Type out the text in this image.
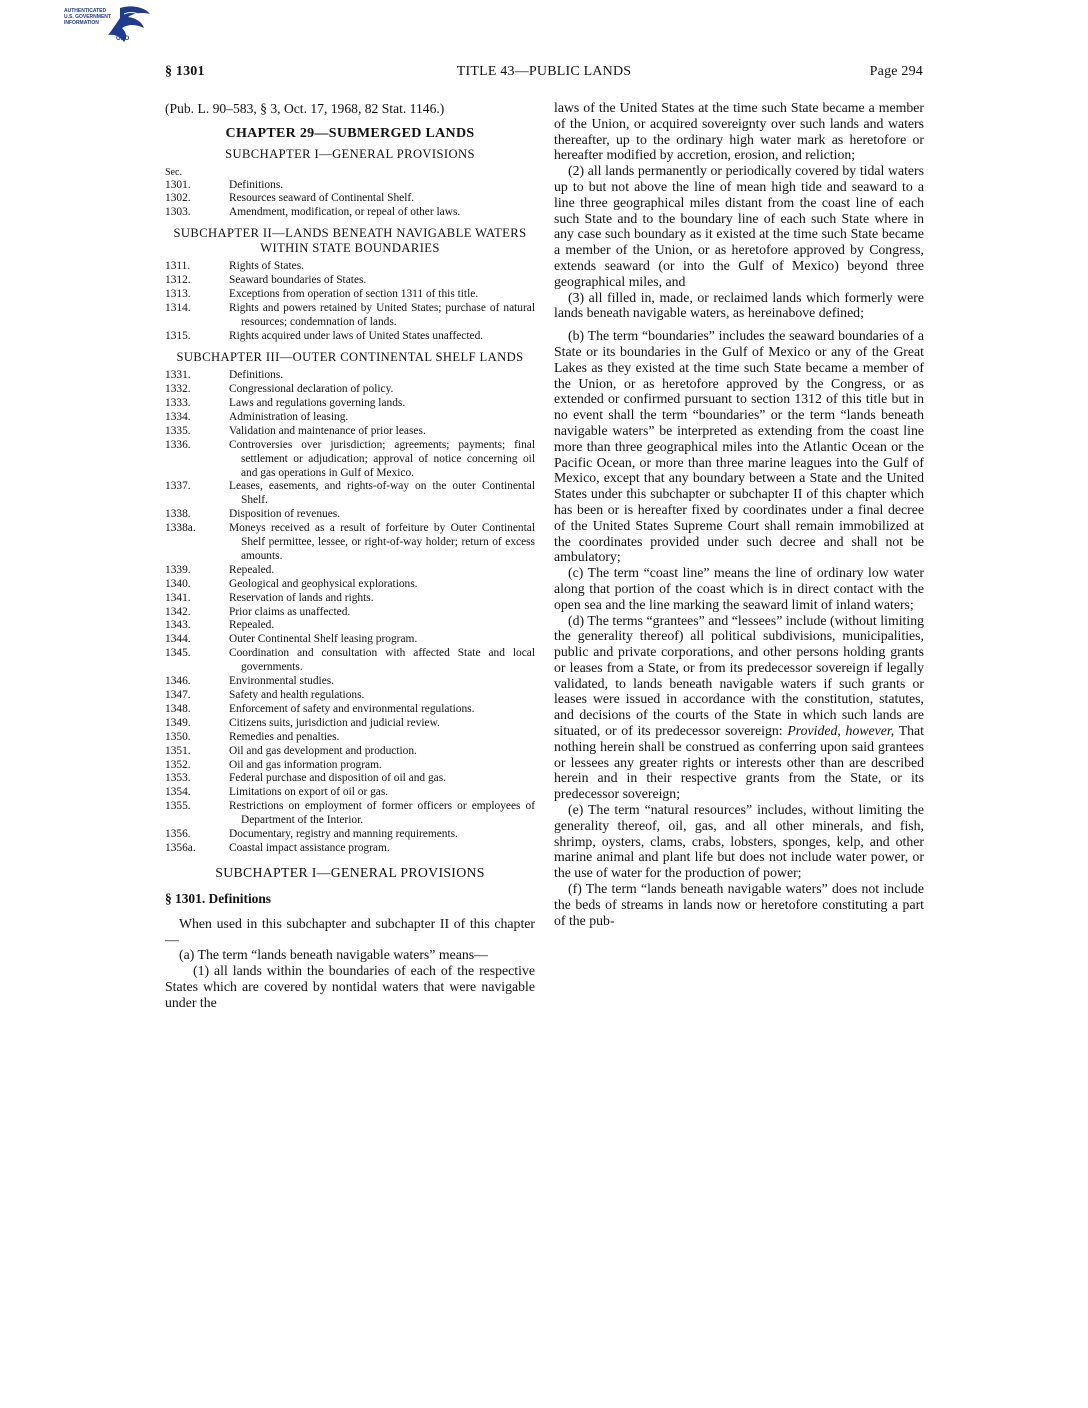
AUTHENTICATED
U.S. GOVERNMENT
INFORMATION
GPO
§ 1301	TITLE 43—PUBLIC LANDS	Page 294

(Pub. L. 90–583, § 3, Oct. 17, 1968, 82 Stat. 1146.)

CHAPTER 29—SUBMERGED LANDS
SUBCHAPTER I—GENERAL PROVISIONS
Sec.
1301.	Definitions.
1302.	Resources seaward of Continental Shelf.
1303.	Amendment, modification, or repeal of other laws.
SUBCHAPTER II—LANDS BENEATH NAVIGABLE WATERS WITHIN STATE BOUNDARIES
1311.	Rights of States.
1312.	Seaward boundaries of States.
1313.	Exceptions from operation of section 1311 of this title.
1314.	Rights and powers retained by United States; purchase of natural resources; condemnation of lands.
1315.	Rights acquired under laws of United States unaffected.
SUBCHAPTER III—OUTER CONTINENTAL SHELF LANDS
1331.	Definitions.
1332.	Congressional declaration of policy.
1333.	Laws and regulations governing lands.
1334.	Administration of leasing.
1335.	Validation and maintenance of prior leases.
1336.	Controversies over jurisdiction; agreements; payments; final settlement or adjudication; approval of notice concerning oil and gas operations in Gulf of Mexico.
1337.	Leases, easements, and rights-of-way on the outer Continental Shelf.
1338.	Disposition of revenues.
1338a.	Moneys received as a result of forfeiture by Outer Continental Shelf permittee, lessee, or right-of-way holder; return of excess amounts.
1339.	Repealed.
1340.	Geological and geophysical explorations.
1341.	Reservation of lands and rights.
1342.	Prior claims as unaffected.
1343.	Repealed.
1344.	Outer Continental Shelf leasing program.
1345.	Coordination and consultation with affected State and local governments.
1346.	Environmental studies.
1347.	Safety and health regulations.
1348.	Enforcement of safety and environmental regulations.
1349.	Citizens suits, jurisdiction and judicial review.
1350.	Remedies and penalties.
1351.	Oil and gas development and production.
1352.	Oil and gas information program.
1353.	Federal purchase and disposition of oil and gas.
1354.	Limitations on export of oil or gas.
1355.	Restrictions on employment of former officers or employees of Department of the Interior.
1356.	Documentary, registry and manning requirements.
1356a.	Coastal impact assistance program.
SUBCHAPTER I—GENERAL PROVISIONS
§ 1301. Definitions

When used in this subchapter and subchapter II of this chapter—

(a) The term “lands beneath navigable waters” means—

(1) all lands within the boundaries of each of the respective States which are covered by nontidal waters that were navigable under the

laws of the United States at the time such State became a member of the Union, or acquired sovereignty over such lands and waters thereafter, up to the ordinary high water mark as heretofore or hereafter modified by accretion, erosion, and reliction;

(2) all lands permanently or periodically covered by tidal waters up to but not above the line of mean high tide and seaward to a line three geographical miles distant from the coast line of each such State and to the boundary line of each such State where in any case such boundary as it existed at the time such State became a member of the Union, or as heretofore approved by Congress, extends seaward (or into the Gulf of Mexico) beyond three geographical miles, and

(3) all filled in, made, or reclaimed lands which formerly were lands beneath navigable waters, as hereinabove defined;

(b) The term “boundaries” includes the seaward boundaries of a State or its boundaries in the Gulf of Mexico or any of the Great Lakes as they existed at the time such State became a member of the Union, or as heretofore approved by the Congress, or as extended or confirmed pursuant to section 1312 of this title but in no event shall the term “boundaries” or the term “lands beneath navigable waters” be interpreted as extending from the coast line more than three geographical miles into the Atlantic Ocean or the Pacific Ocean, or more than three marine leagues into the Gulf of Mexico, except that any boundary between a State and the United States under this subchapter or subchapter II of this chapter which has been or is hereafter fixed by coordinates under a final decree of the United States Supreme Court shall remain immobilized at the coordinates provided under such decree and shall not be ambulatory;

(c) The term “coast line” means the line of ordinary low water along that portion of the coast which is in direct contact with the open sea and the line marking the seaward limit of inland waters;

(d) The terms “grantees” and “lessees” include (without limiting the generality thereof) all political subdivisions, municipalities, public and private corporations, and other persons holding grants or leases from a State, or from its predecessor sovereign if legally validated, to lands beneath navigable waters if such grants or leases were issued in accordance with the constitution, statutes, and decisions of the courts of the State in which such lands are situated, or of its predecessor sovereign: Provided, however, That nothing herein shall be construed as conferring upon said grantees or lessees any greater rights or interests other than are described herein and in their respective grants from the State, or its predecessor sovereign;

(e) The term “natural resources” includes, without limiting the generality thereof, oil, gas, and all other minerals, and fish, shrimp, oysters, clams, crabs, lobsters, sponges, kelp, and other marine animal and plant life but does not include water power, or the use of water for the production of power;

(f) The term “lands beneath navigable waters” does not include the beds of streams in lands now or heretofore constituting a part of the pub-
